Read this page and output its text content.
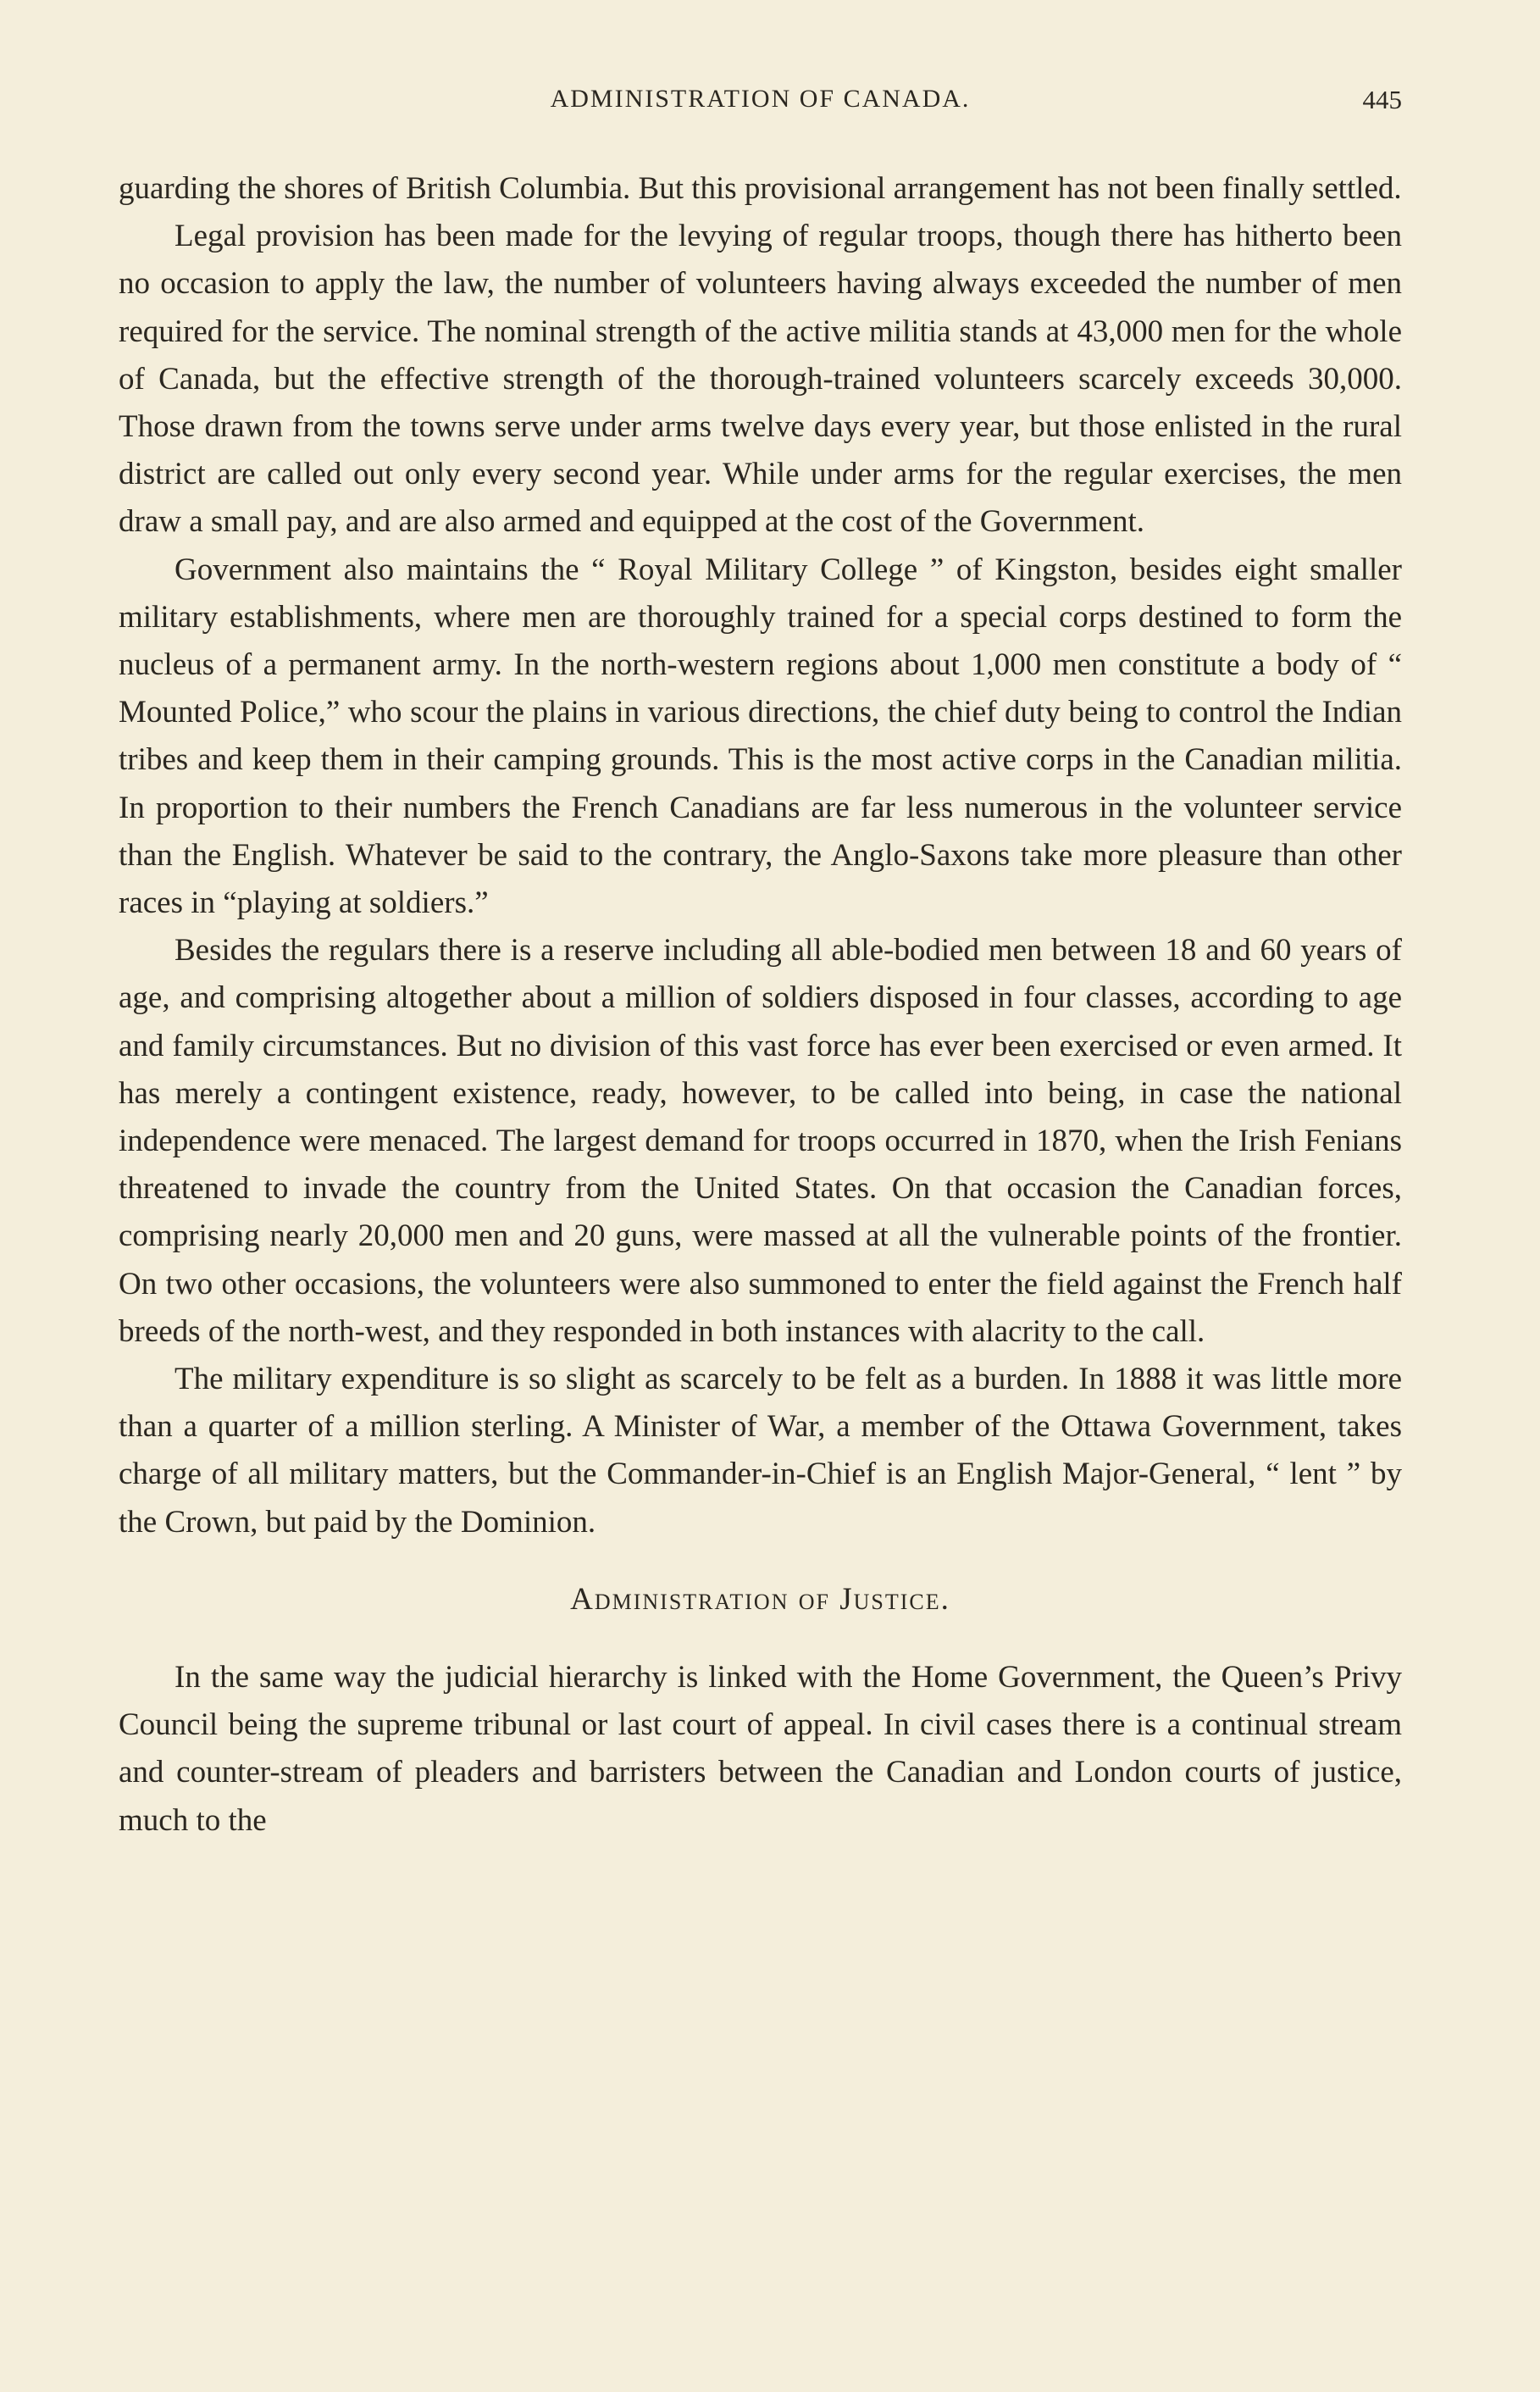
ADMINISTRATION OF CANADA.	445

guarding the shores of British Columbia. But this provisional arrangement has not been finally settled.

Legal provision has been made for the levying of regular troops, though there has hitherto been no occasion to apply the law, the number of volunteers having always exceeded the number of men required for the service. The nominal strength of the active militia stands at 43,000 men for the whole of Canada, but the effective strength of the thorough-trained volunteers scarcely exceeds 30,000. Those drawn from the towns serve under arms twelve days every year, but those enlisted in the rural district are called out only every second year. While under arms for the regular exercises, the men draw a small pay, and are also armed and equipped at the cost of the Government.

Government also maintains the “ Royal Military College ” of Kingston, besides eight smaller military establishments, where men are thoroughly trained for a special corps destined to form the nucleus of a permanent army. In the north-western regions about 1,000 men constitute a body of “ Mounted Police,” who scour the plains in various directions, the chief duty being to control the Indian tribes and keep them in their camping grounds. This is the most active corps in the Canadian militia. In proportion to their numbers the French Canadians are far less numerous in the volunteer service than the English. Whatever be said to the contrary, the Anglo-Saxons take more pleasure than other races in “playing at soldiers.”

Besides the regulars there is a reserve including all able-bodied men between 18 and 60 years of age, and comprising altogether about a million of soldiers disposed in four classes, according to age and family circumstances. But no division of this vast force has ever been exercised or even armed. It has merely a contingent existence, ready, however, to be called into being, in case the national independence were menaced. The largest demand for troops occurred in 1870, when the Irish Fenians threatened to invade the country from the United States. On that occasion the Canadian forces, comprising nearly 20,000 men and 20 guns, were massed at all the vulnerable points of the frontier. On two other occasions, the volunteers were also summoned to enter the field against the French half breeds of the north-west, and they responded in both instances with alacrity to the call.

The military expenditure is so slight as scarcely to be felt as a burden. In 1888 it was little more than a quarter of a million sterling. A Minister of War, a member of the Ottawa Government, takes charge of all military matters, but the Commander-in-Chief is an English Major-General, “ lent ” by the Crown, but paid by the Dominion.

Administration of Justice.

In the same way the judicial hierarchy is linked with the Home Government, the Queen’s Privy Council being the supreme tribunal or last court of appeal. In civil cases there is a continual stream and counter-stream of pleaders and barristers between the Canadian and London courts of justice, much to the
